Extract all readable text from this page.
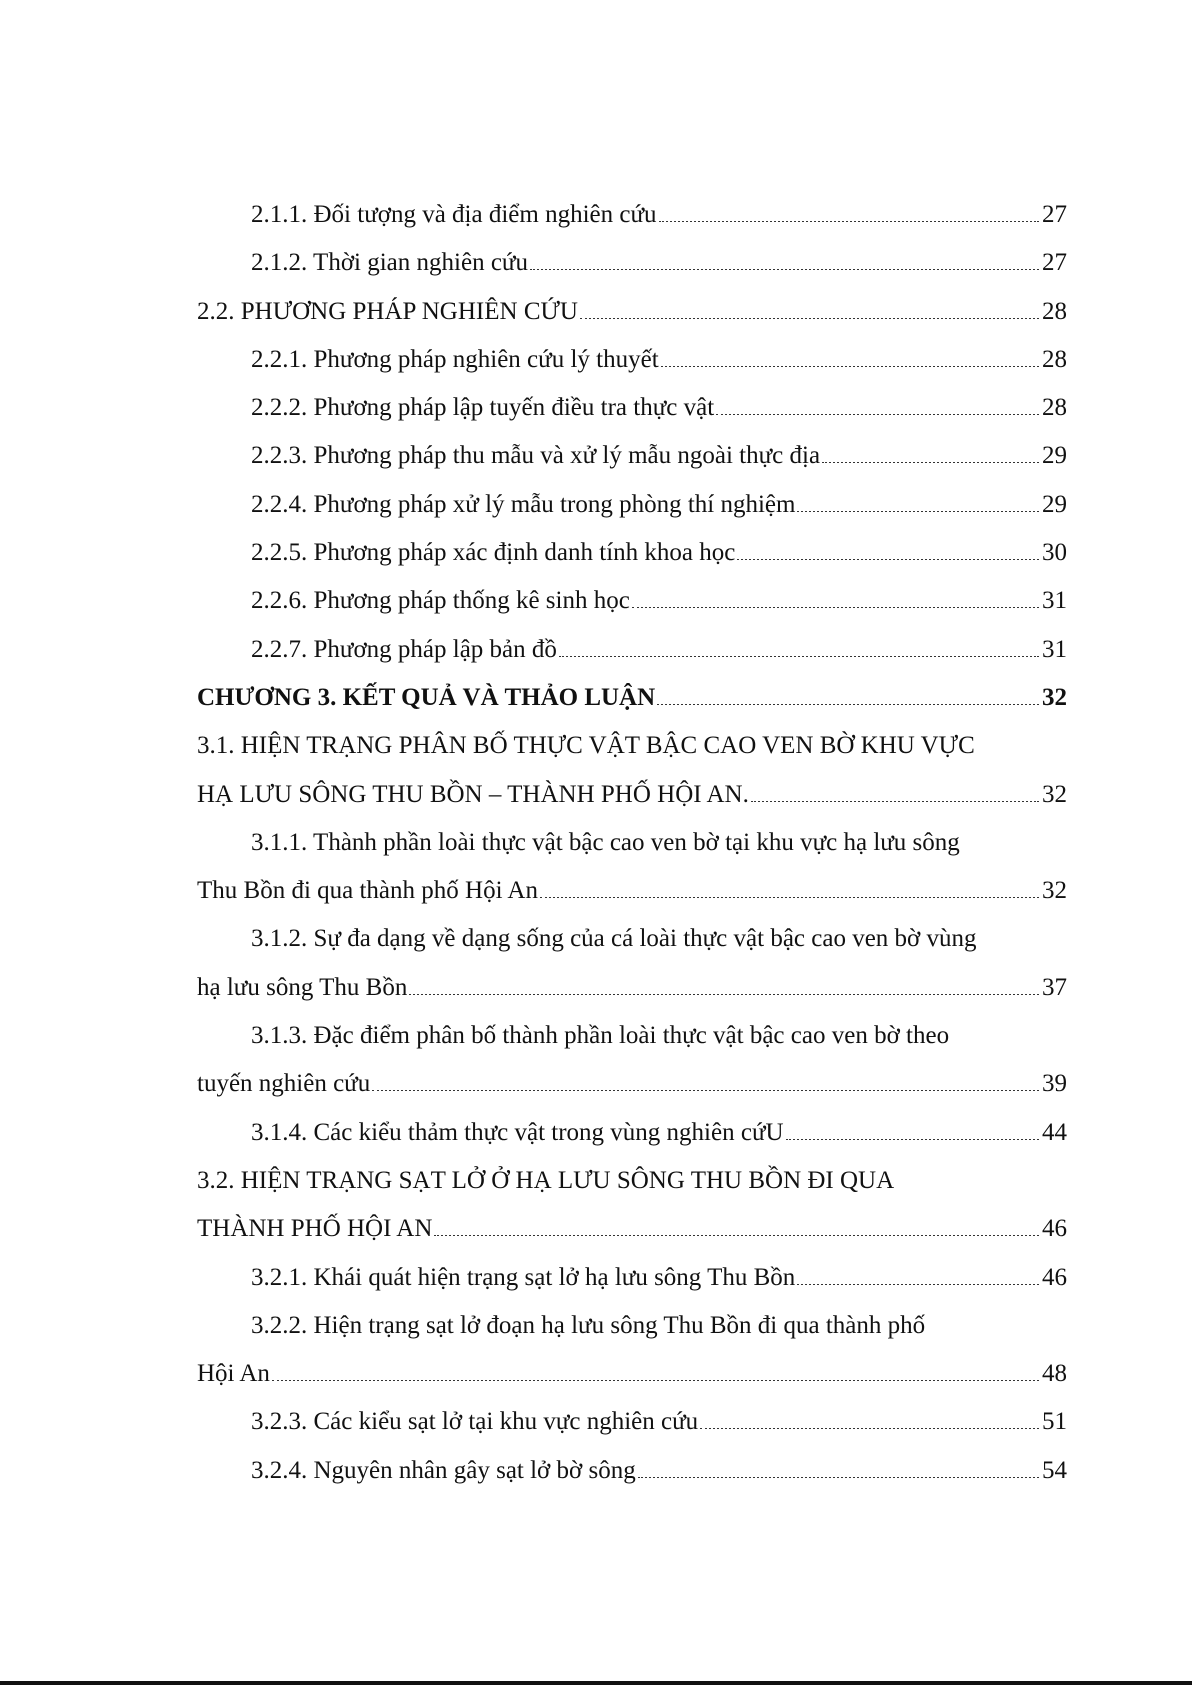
2.1.1. Đối tượng và địa điểm nghiên cứu	27
2.1.2. Thời gian nghiên cứu	27
2.2. PHƯƠNG PHÁP NGHIÊN CỨU	28
2.2.1. Phương pháp nghiên cứu lý thuyết	28
2.2.2. Phương pháp lập tuyến điều tra thực vật	28
2.2.3. Phương pháp thu mẫu và xử lý mẫu ngoài thực địa	29
2.2.4. Phương pháp xử lý mẫu trong phòng thí nghiệm	29
2.2.5. Phương pháp xác định danh tính khoa học	30
2.2.6. Phương pháp thống kê sinh học	31
2.2.7. Phương pháp lập bản đồ	31
CHƯƠNG 3. KẾT QUẢ VÀ THẢO LUẬN	32
3.1. HIỆN TRẠNG PHÂN BỐ THỰC VẬT BẬC CAO VEN BỜ KHU VỰC
HẠ LƯU SÔNG THU BỒN – THÀNH PHỐ HỘI AN.	32
3.1.1. Thành phần loài thực vật bậc cao ven bờ tại khu vực hạ lưu sông
Thu Bồn đi qua thành phố Hội An	32
3.1.2. Sự đa dạng về dạng sống của cá loài thực vật bậc cao ven bờ vùng
hạ lưu sông Thu Bồn	37
3.1.3. Đặc điểm phân bố thành phần loài thực vật bậc cao ven bờ theo
tuyến nghiên cứu	39
3.1.4. Các kiểu thảm thực vật trong vùng nghiên cứU	44
3.2. HIỆN TRẠNG SẠT LỞ Ở HẠ LƯU SÔNG THU BỒN ĐI QUA
THÀNH PHỐ HỘI AN	46
3.2.1. Khái quát hiện trạng sạt lở hạ lưu sông Thu Bồn	46
3.2.2. Hiện trạng sạt lở đoạn hạ lưu sông Thu Bồn đi qua thành phố
Hội An	48
3.2.3. Các kiểu sạt lở tại khu vực nghiên cứu	51
3.2.4. Nguyên nhân gây sạt lở bờ sông	54
